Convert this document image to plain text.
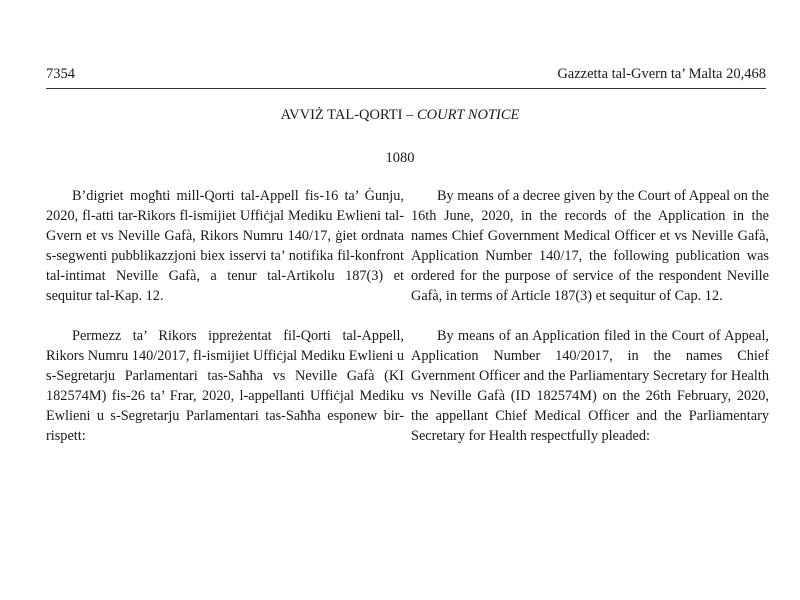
7354	Gazzetta tal-Gvern ta’ Malta 20,468
AVVIŻ TAL-QORTI – COURT NOTICE
1080

B’digriet mogħti mill-Qorti tal-Appell fis-16 ta’ Ġunju, 2020, fl-atti tar-Rikors fl-ismijiet Uffiċjal Mediku Ewlieni tal-Gvern et vs Neville Gafà, Rikors Numru 140/17, ġiet ordnata s-segwenti pubblikazzjoni biex isservi ta’ notifika fil-konfront tal-intimat Neville Gafà, a tenur tal-Artikolu 187(3) et sequitur tal-Kap. 12.

Permezz ta’ Rikors ippreżentat fil-Qorti tal-Appell, Rikors Numru 140/2017, fl-ismijiet Uffiċjal Mediku Ewlieni u s-Segretarju Parlamentari tas-Saħħa vs Neville Gafà (KI 182574M) fis-26 ta’ Frar, 2020, l-appellanti Uffiċjal Mediku Ewlieni u s-Segretarju Parlamentari tas-Saħħa esponew bir-rispett:

By means of a decree given by the Court of Appeal on the 16th June, 2020, in the records of the Application in the names Chief Government Medical Officer et vs Neville Gafà, Application Number 140/17, the following publication was ordered for the purpose of service of the respondent Neville Gafà, in terms of Article 187(3) et sequitur of Cap. 12.

By means of an Application filed in the Court of Appeal, Application Number 140/2017, in the names Chief Gvernment Officer and the Parliamentary Secretary for Health vs Neville Gafà (ID 182574M) on the 26th February, 2020, the appellant Chief Medical Officer and the Parliamentary Secretary for Health respectfully pleaded:
